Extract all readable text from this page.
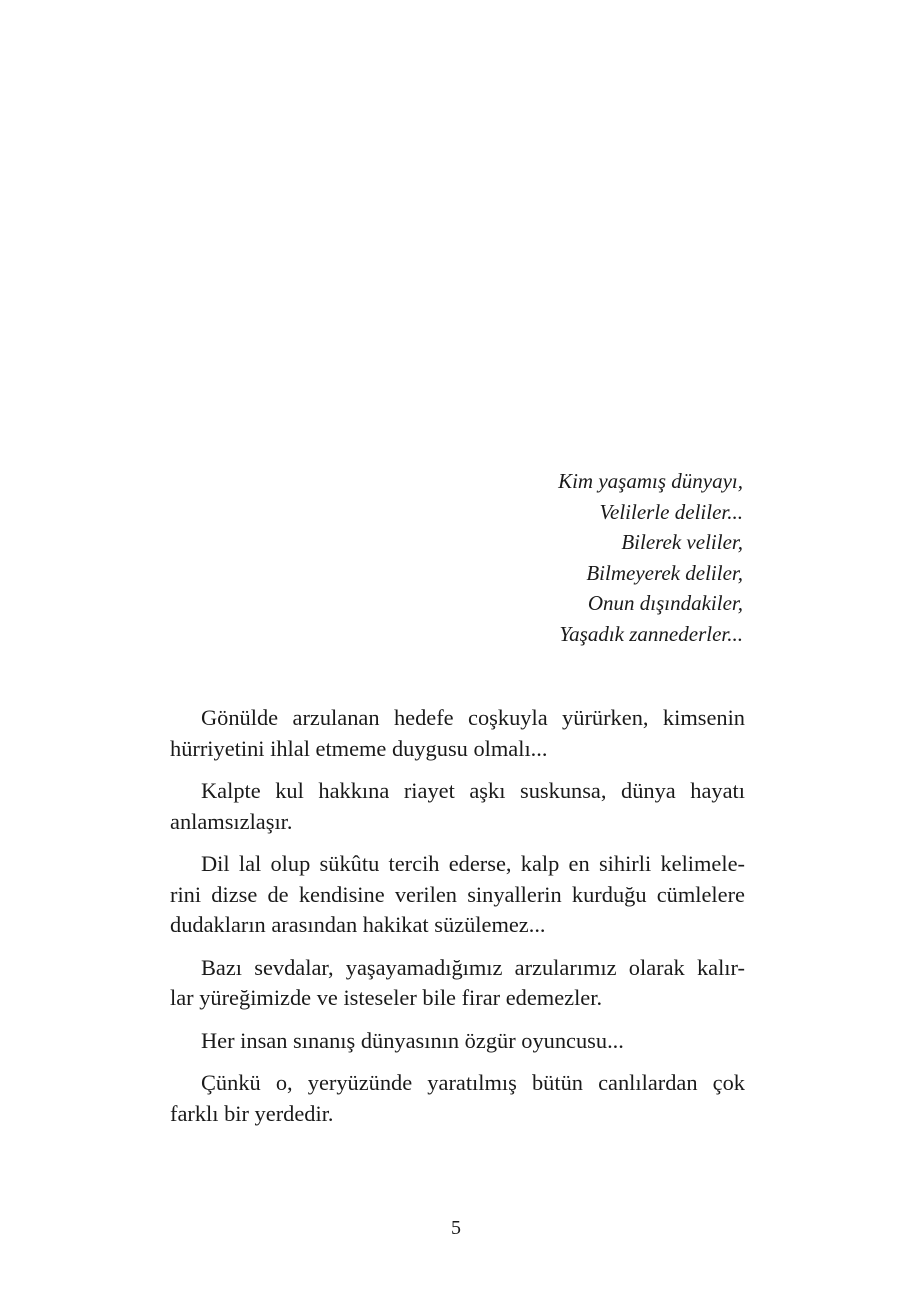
Kim yaşamış dünyayı,
Velilerle deliler...
Bilerek veliler,
Bilmeyerek deliler,
Onun dışındakiler,
Yaşadık zannederler...

Gönülde arzulanan hedefe coşkuyla yürürken, kimsenin
hürriyetini ihlal etmeme duygusu olmalı...

Kalpte kul hakkına riayet aşkı suskunsa, dünya hayatı
anlamsızlaşır.

Dil lal olup sükûtu tercih ederse, kalp en sihirli kelimele-
rini dizse de kendisine verilen sinyallerin kurduğu cümlelere
dudakların arasından hakikat süzülemez...

Bazı sevdalar, yaşayamadığımız arzularımız olarak kalır-
lar yüreğimizde ve isteseler bile firar edemezler.

Her insan sınanış dünyasının özgür oyuncusu...

Çünkü o, yeryüzünde yaratılmış bütün canlılardan çok
farklı bir yerdedir.

5
